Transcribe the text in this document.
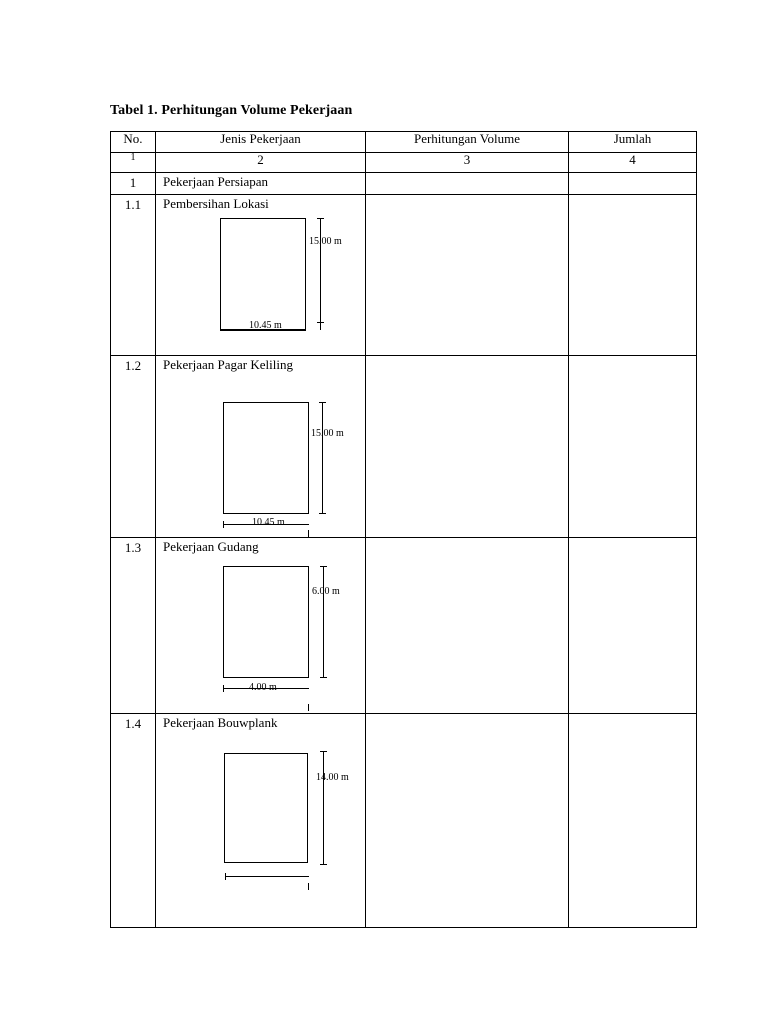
Tabel 1. Perhitungan Volume Pekerjaan
No.	Jenis Pekerjaan	Perhitungan Volume	Jumlah
1	2	3	4

1	Pekerjaan Persiapan		

1.1	Pembersihan Lokasi
15.00 m
10.45 m		

1.2	Pekerjaan Pagar Keliling
15.00 m
10.45 m		

1.3	Pekerjaan Gudang
6.00 m
4.00 m		

1.4	Pekerjaan Bouwplank
14.00 m		
